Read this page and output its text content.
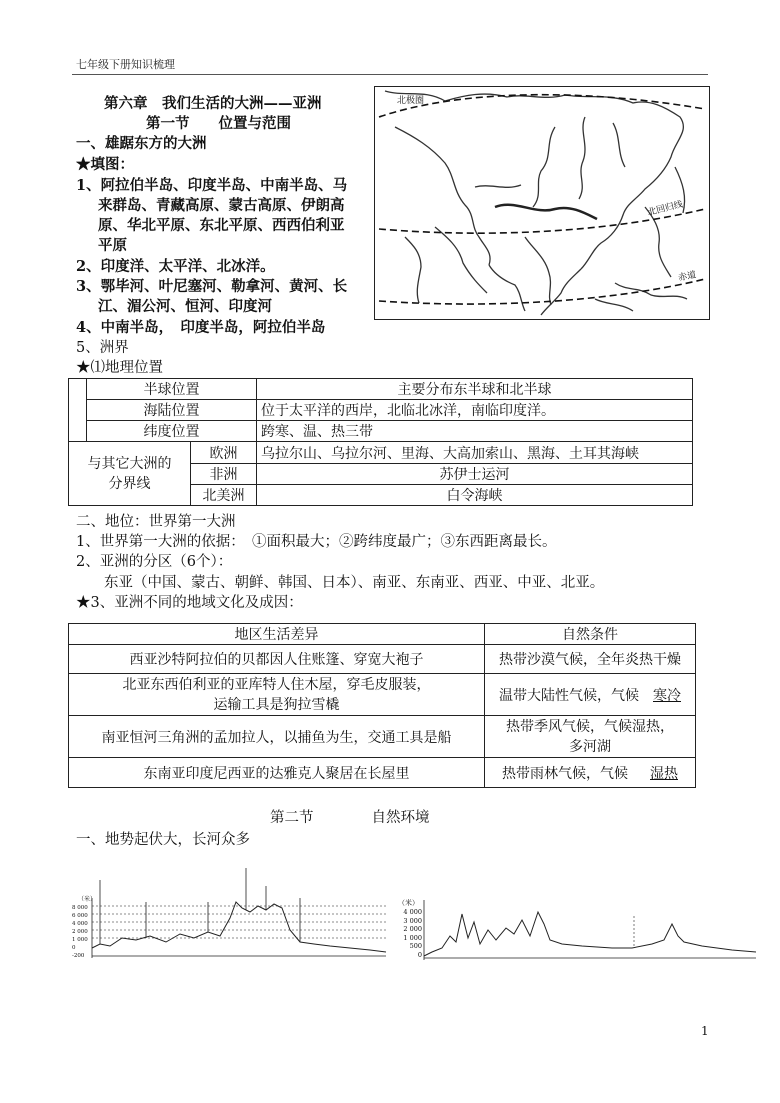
七年级下册知识梳理
第六章　我们生活的大洲——亚洲
第一节　　位置与范围
一、雄踞东方的大洲
★填图：
1、阿拉伯半岛、印度半岛、中南半岛、马
来群岛、青藏高原、蒙古高原、伊朗高
原、华北平原、东北平原、西西伯利亚
平原
2、印度洋、太平洋、北冰洋。
3、鄂毕河、叶尼塞河、勒拿河、黄河、长
江、湄公河、恒河、印度河
4、中南半岛，　印度半岛，阿拉伯半岛
5、洲界
★⑴地理位置
北极圈
北回归线
赤道
	半球位置		主要分布东半球和北半球
	海陆位置		位于太平洋的西岸，北临北冰洋，南临印度洋。
	纬度位置		跨寒、温、热三带
与其它大洲的分界线		欧洲	乌拉尔山、乌拉尔河、里海、大高加索山、黑海、土耳其海峡
		非洲	苏伊士运河
		北美洲	白令海峡
二、地位：世界第一大洲
1、世界第一大洲的依据：　①面积最大；②跨纬度最广；③东西距离最长。
2、亚洲的分区（6个）：
东亚（中国、蒙古、朝鲜、韩国、日本）、南亚、东南亚、西亚、中亚、北亚。
★3、亚洲不同的地域文化及成因：
地区生活差异	自然条件
西亚沙特阿拉伯的贝都因人住账篷、穿宽大袍子	热带沙漠气候，全年炎热干燥
北亚东西伯利亚的亚库特人住木屋，穿毛皮服装，
运输工具是狗拉雪橇	温带大陆性气候，气候 寒冷
南亚恒河三角洲的孟加拉人，以捕鱼为生，交通工具是船	热带季风气候，气候湿热，
多河湖
东南亚印度尼西亚的达雅克人聚居在长屋里	热带雨林气候，气候 湿热
第二节　　　　自然环境
一、地势起伏大，长河众多
（米）
8 000
6 000
4 000
2 000
1 000
0
-200
（米）
4 000
3 000
2 000
1 000
500
0
1
